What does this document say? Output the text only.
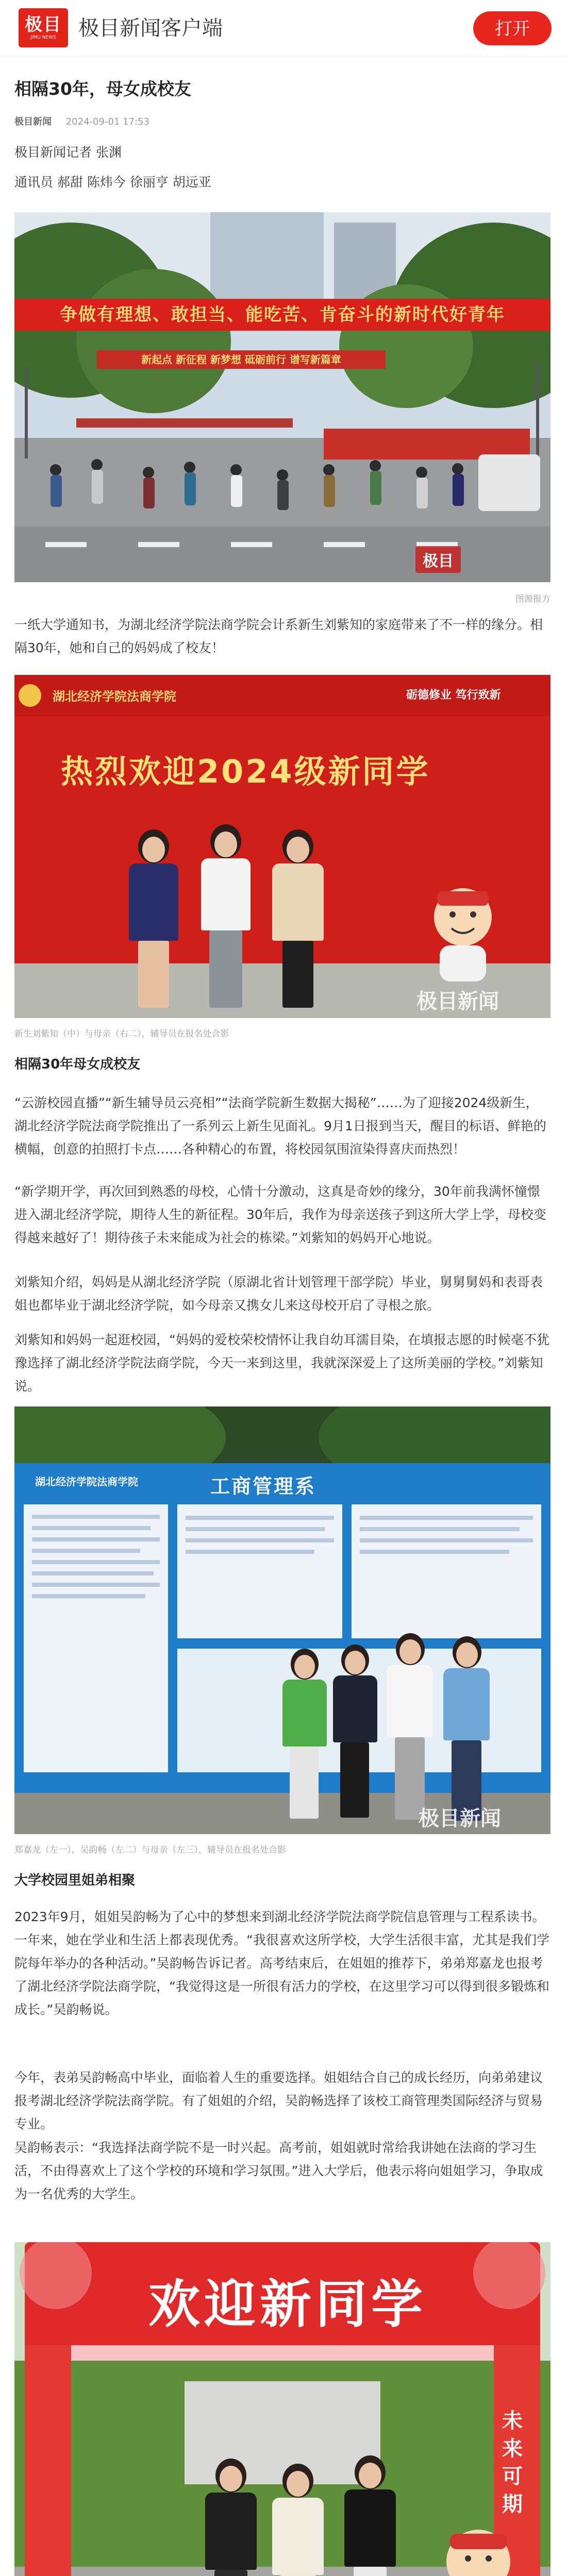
极目
JIMU NEWS 极目新闻客户端	打开
相隔30年，母女成校友
极目新闻 2024-09-01 17:53
极目新闻记者 张渊
通讯员 郝甜 陈炜今 徐丽亨 胡远亚
争做有理想、敢担当、能吃苦、肯奋斗的新时代好青年
新起点 新征程 新梦想 砥砺前行 谱写新篇章
极目
图源报方

一纸大学通知书，为湖北经济学院法商学院会计系新生刘紫知的家庭带来了不一样的缘分。相隔30年，她和自己的妈妈成了校友！

湖北经济学院法商学院	砺德修业 笃行致新
热烈欢迎2024级新同学
极目新闻
新生刘紫知（中）与母亲（右二），辅导员在报名处合影
相隔30年母女成校友

“云游校园直播”“新生辅导员云亮相”“法商学院新生数据大揭秘”……为了迎接2024级新生，湖北经济学院法商学院推出了一系列云上新生见面礼。9月1日报到当天，醒目的标语、鲜艳的横幅，创意的拍照打卡点……各种精心的布置，将校园氛围渲染得喜庆而热烈！

“新学期开学，再次回到熟悉的母校，心情十分激动，这真是奇妙的缘分，30年前我满怀憧憬进入湖北经济学院，期待人生的新征程。30年后，我作为母亲送孩子到这所大学上学，母校变得越来越好了！期待孩子未来能成为社会的栋梁。”刘紫知的妈妈开心地说。

刘紫知介绍，妈妈是从湖北经济学院（原湖北省计划管理干部学院）毕业，舅舅舅妈和表哥表姐也都毕业于湖北经济学院，如今母亲又携女儿来这母校开启了寻根之旅。

刘紫知和妈妈一起逛校园，“妈妈的爱校荣校情怀让我自幼耳濡目染，在填报志愿的时候毫不犹豫选择了湖北经济学院法商学院，今天一来到这里，我就深深爱上了这所美丽的学校。”刘紫知说。

湖北经济学院法商学院	工商管理系
极目新闻
郑嘉龙（左一）、吴韵畅（左二）与母亲（左三），辅导员在报名处合影
大学校园里姐弟相聚

2023年9月，姐姐吴韵畅为了心中的梦想来到湖北经济学院法商学院信息管理与工程系读书。一年来，她在学业和生活上都表现优秀。“我很喜欢这所学校，大学生活很丰富，尤其是我们学院每年举办的各种活动。”吴韵畅告诉记者。高考结束后，在姐姐的推荐下，弟弟郑嘉龙也报考了湖北经济学院法商学院，“我觉得这是一所很有活力的学校，在这里学习可以得到很多锻炼和成长。”吴韵畅说。

今年，表弟吴韵畅高中毕业，面临着人生的重要选择。姐姐结合自己的成长经历，向弟弟建议报考湖北经济学院法商学院。有了姐姐的介绍，吴韵畅选择了该校工商管理类国际经济与贸易专业。

吴韵畅表示：“我选择法商学院不是一时兴起。高考前，姐姐就时常给我讲她在法商的学习生活，不由得喜欢上了这个学校的环境和学习氛围。”进入大学后，他表示将向姐姐学习，争取成为一名优秀的大学生。

欢迎新同学
未来可期
